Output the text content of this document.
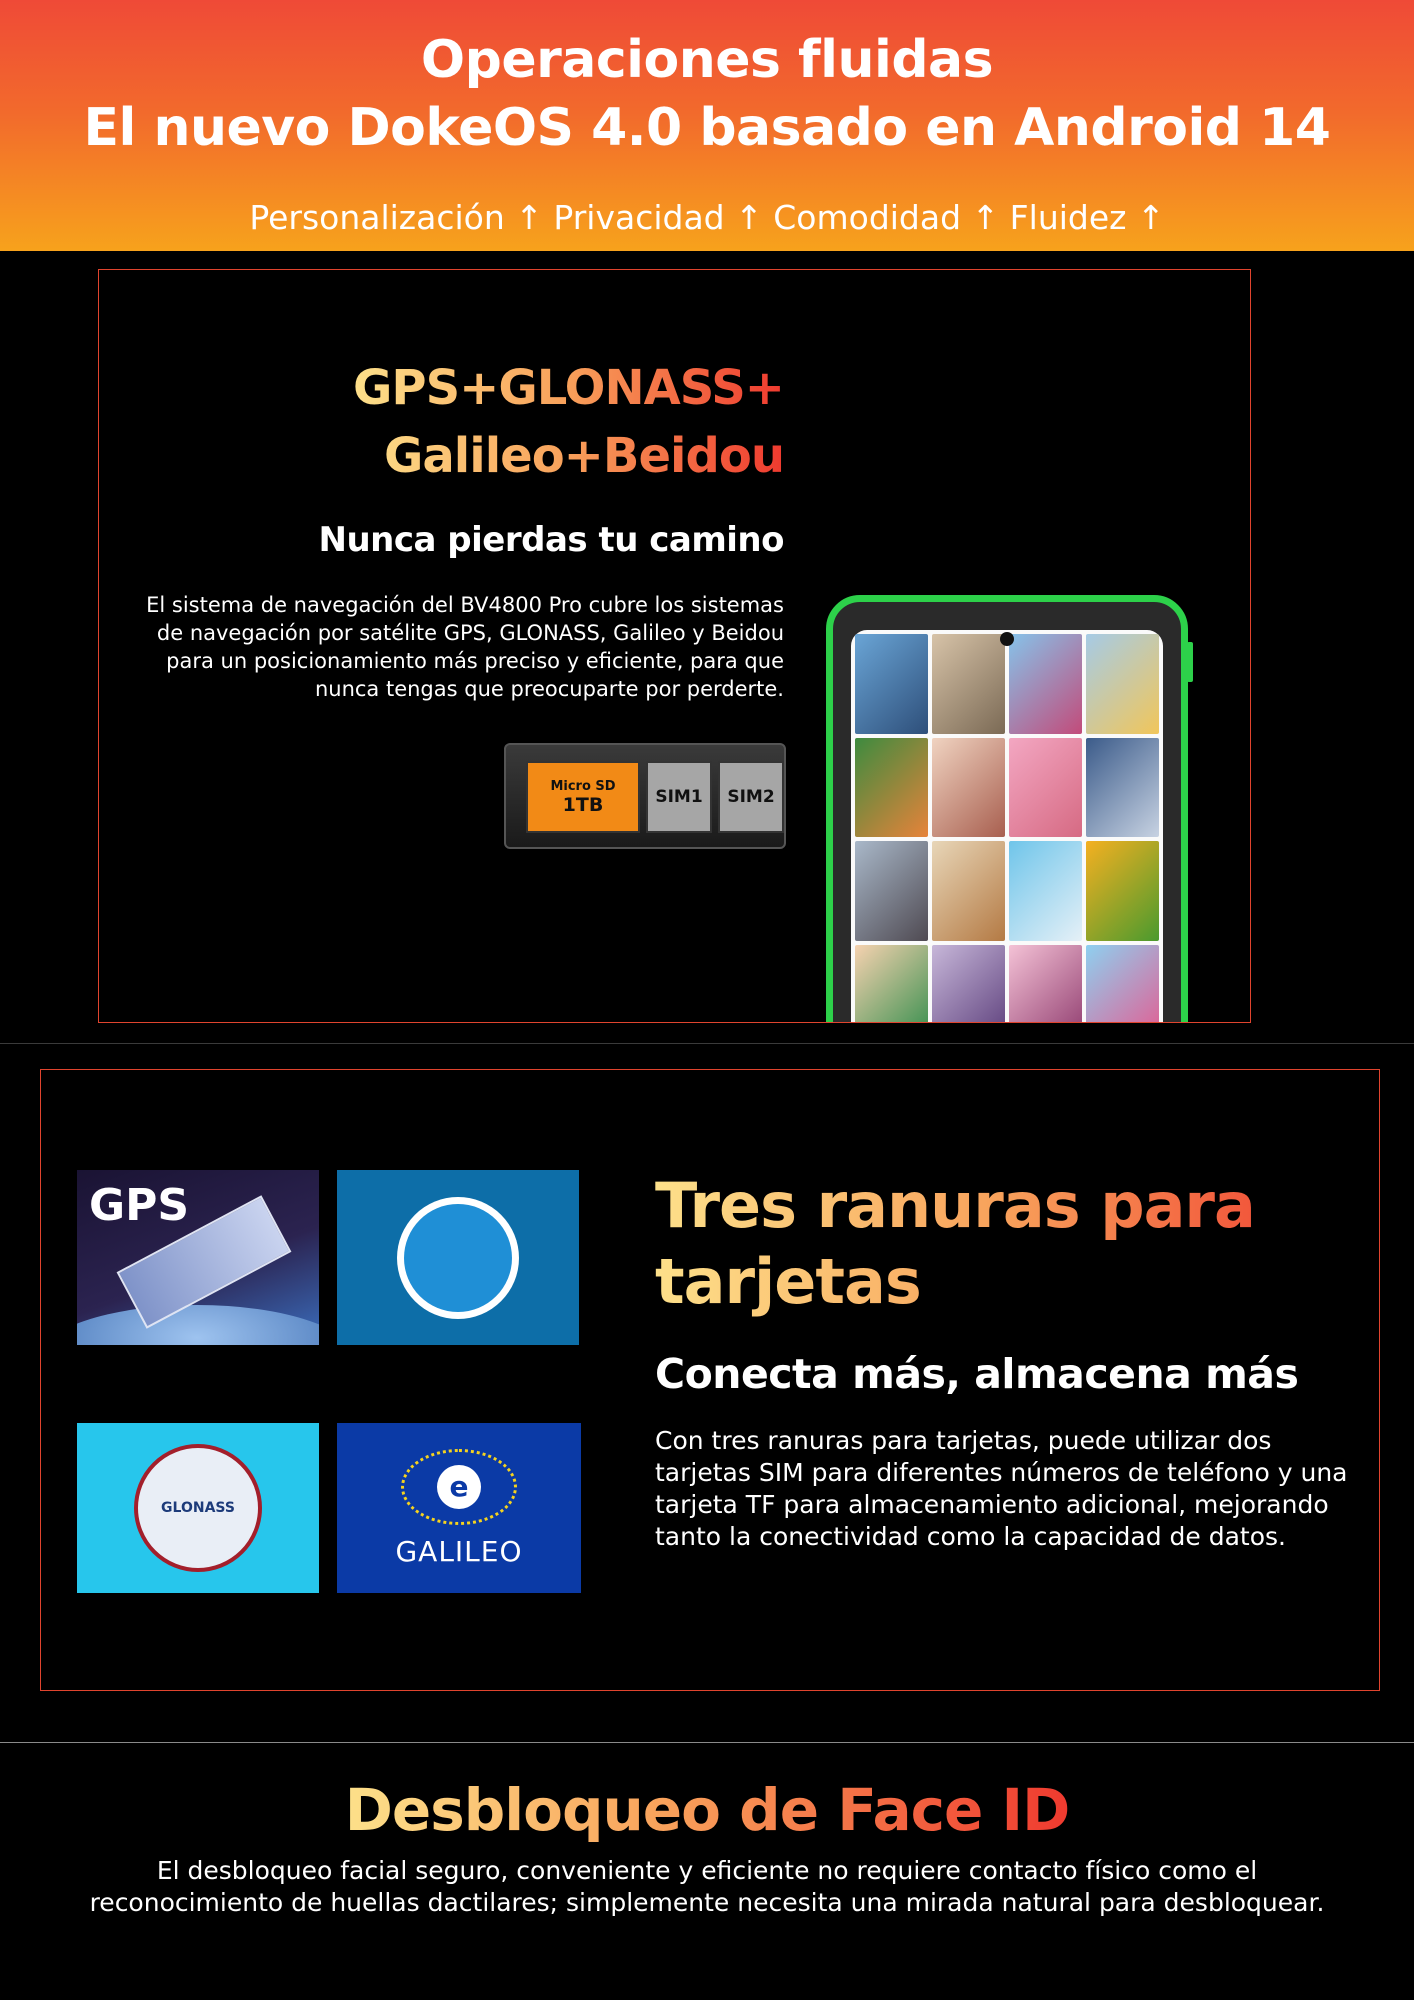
Operaciones fluidas
El nuevo DokeOS 4.0 basado en Android 14
Personalización ↑ Privacidad ↑ Comodidad ↑ Fluidez ↑
GPS+GLONASS+
Galileo+Beidou
Nunca pierdas tu camino
El sistema de navegación del BV4800 Pro cubre los sistemas de navegación por satélite GPS, GLONASS, Galileo y Beidou para un posicionamiento más preciso y eficiente, para que nunca tengas que preocuparte por perderte.
Micro SD
1TB	SIM1	SIM2
GPS
GLONASS
e
GALILEO
Tres ranuras para tarjetas
Conecta más, almacena más
Con tres ranuras para tarjetas, puede utilizar dos tarjetas SIM para diferentes números de teléfono y una tarjeta TF para almacenamiento adicional, mejorando tanto la conectividad como la capacidad de datos.
Desbloqueo de Face ID
El desbloqueo facial seguro, conveniente y eficiente no requiere contacto físico como el reconocimiento de huellas dactilares; simplemente necesita una mirada natural para desbloquear.
